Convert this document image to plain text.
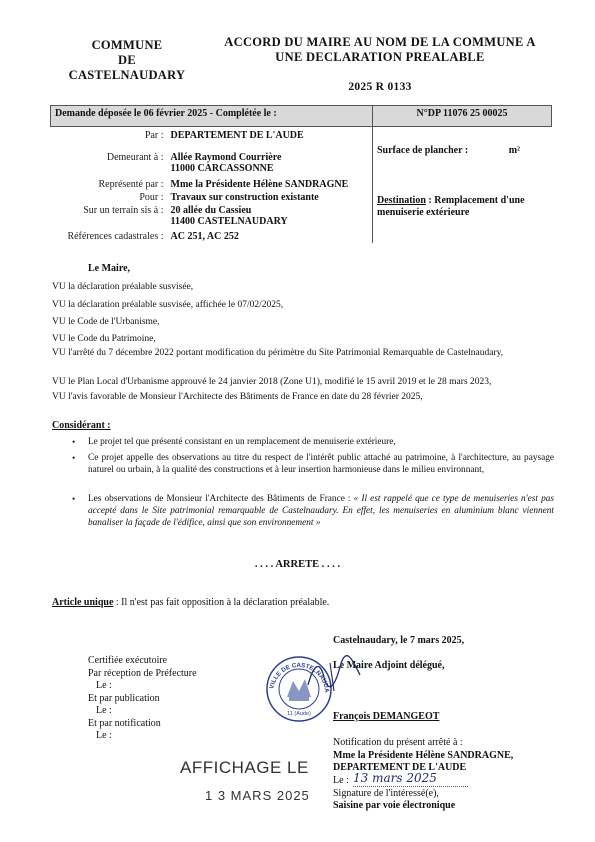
COMMUNE
DE
CASTELNAUDARY
ACCORD DU MAIRE AU NOM DE LA COMMUNE A
UNE DECLARATION PREALABLE
2025 R 0133
Demande déposée le 06 février 2025 - Complétée le :		N°DP 11076 25 00025
Par :	DEPARTEMENT DE L'AUDE	Surface de plancher : m²
Demeurant à :	Allée Raymond Courrière
11000 CARCASSONNE	

Représenté par :	Mme la Présidente Hélène SANDRAGNE	
Pour :	Travaux sur construction existante	Destination : Remplacement d'une menuiserie extérieure
Sur un terrain sis à :	20 allée du Cassieu
11400 CASTELNAUDARY	

Références cadastrales :	AC 251, AC 252	
Le Maire,
VU la déclaration préalable susvisée,
VU la déclaration préalable susvisée, affichée le 07/02/2025,
VU le Code de l'Urbanisme,
VU le Code du Patrimoine,
VU l'arrêté du 7 décembre 2022 portant modification du périmètre du Site Patrimonial Remarquable de Castelnaudary,
VU le Plan Local d'Urbanisme approuvé le 24 janvier 2018 (Zone U1), modifié le 15 avril 2019 et le 28 mars 2023,
VU l'avis favorable de Monsieur l'Architecte des Bâtiments de France en date du 28 février 2025,
Considérant :
• Le projet tel que présenté consistant en un remplacement de menuiserie extérieure,
• Ce projet appelle des observations au titre du respect de l'intérêt public attaché au patrimoine, à l'architecture, au paysage naturel ou urbain, à la qualité des constructions et à leur insertion harmonieuse dans le milieu environnant,
• Les observations de Monsieur l'Architecte des Bâtiments de France : « Il est rappelé que ce type de menuiseries n'est pas accepté dans le Site patrimonial remarquable de Castelnaudary. En effet, les menuiseries en aluminium blanc viennent banaliser la façade de l'édifice, ainsi que son environnement »
. . . . ARRETE . . . .
Article unique : Il n'est pas fait opposition à la déclaration préalable.
Castelnaudary, le 7 mars 2025,
Le Maire Adjoint délégué,
VILLE DE CASTELNAUDA
11 (Aude) François DEMANGEOT
Certifiée exécutoire
Par réception de Préfecture
Le :
Et par publication
Le :
Et par notification
Le :
AFFICHAGE LE
1 3 MARS 2025
Notification du présent arrêté à :
Mme la Présidente Hélène SANDRAGNE,
DEPARTEMENT DE L'AUDE
Le : 13 mars 2025
Signature de l'intéressé(e),
Saisine par voie électronique
